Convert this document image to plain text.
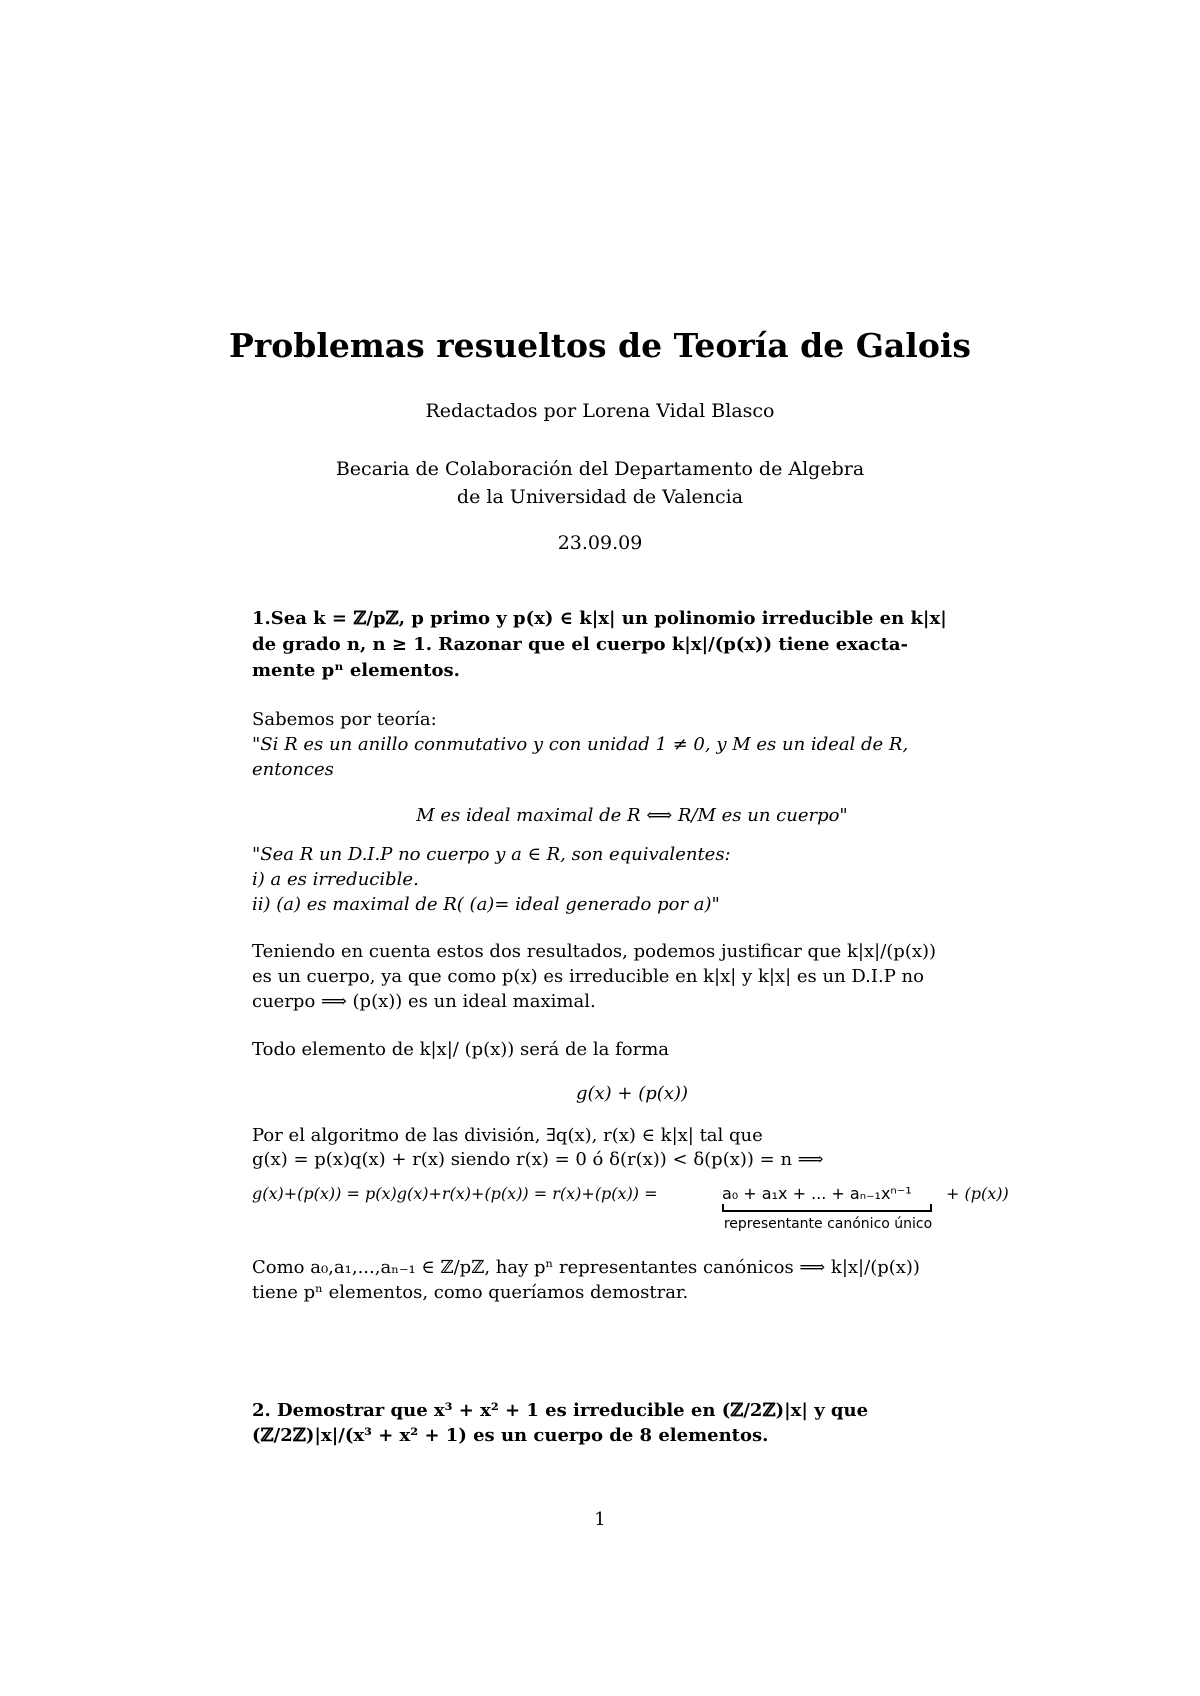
Problemas resueltos de Teoría de Galois
Redactados por Lorena Vidal Blasco
Becaria de Colaboración del Departamento de Algebra
de la Universidad de Valencia
23.09.09
1.Sea k = ℤ/pℤ, p primo y p(x) ∈ k|x| un polinomio irreducible en k|x|
de grado n, n ≥ 1. Razonar que el cuerpo k|x|/(p(x)) tiene exacta-
mente pⁿ elementos.
Sabemos por teoría:
"Si R es un anillo conmutativo y con unidad 1 ≠ 0, y M es un ideal de R,
entonces
M es ideal maximal de R ⟺ R/M es un cuerpo"
"Sea R un D.I.P no cuerpo y a ∈ R, son equivalentes:
i) a es irreducible.
ii) (a) es maximal de R( (a)= ideal generado por a)"
Teniendo en cuenta estos dos resultados, podemos justificar que k|x|/(p(x))
es un cuerpo, ya que como p(x) es irreducible en k|x| y k|x| es un D.I.P no
cuerpo ⟹ (p(x)) es un ideal maximal.
Todo elemento de k|x|/ (p(x)) será de la forma
g(x) + (p(x))
Por el algoritmo de las división, ∃q(x), r(x) ∈ k|x| tal que
g(x) = p(x)q(x) + r(x) siendo r(x) = 0 ó δ(r(x)) < δ(p(x)) = n ⟹
g(x)+(p(x)) = p(x)g(x)+r(x)+(p(x)) = r(x)+(p(x)) =	a₀ + a₁x + ... + aₙ₋₁xⁿ⁻¹ + (p(x))
representante canónico único
Como a₀,a₁,...,aₙ₋₁ ∈ ℤ/pℤ, hay pⁿ representantes canónicos ⟹ k|x|/(p(x))
tiene pⁿ elementos, como queríamos demostrar.
2. Demostrar que x³ + x² + 1 es irreducible en (ℤ/2ℤ)|x| y que
(ℤ/2ℤ)|x|/(x³ + x² + 1) es un cuerpo de 8 elementos.
1
